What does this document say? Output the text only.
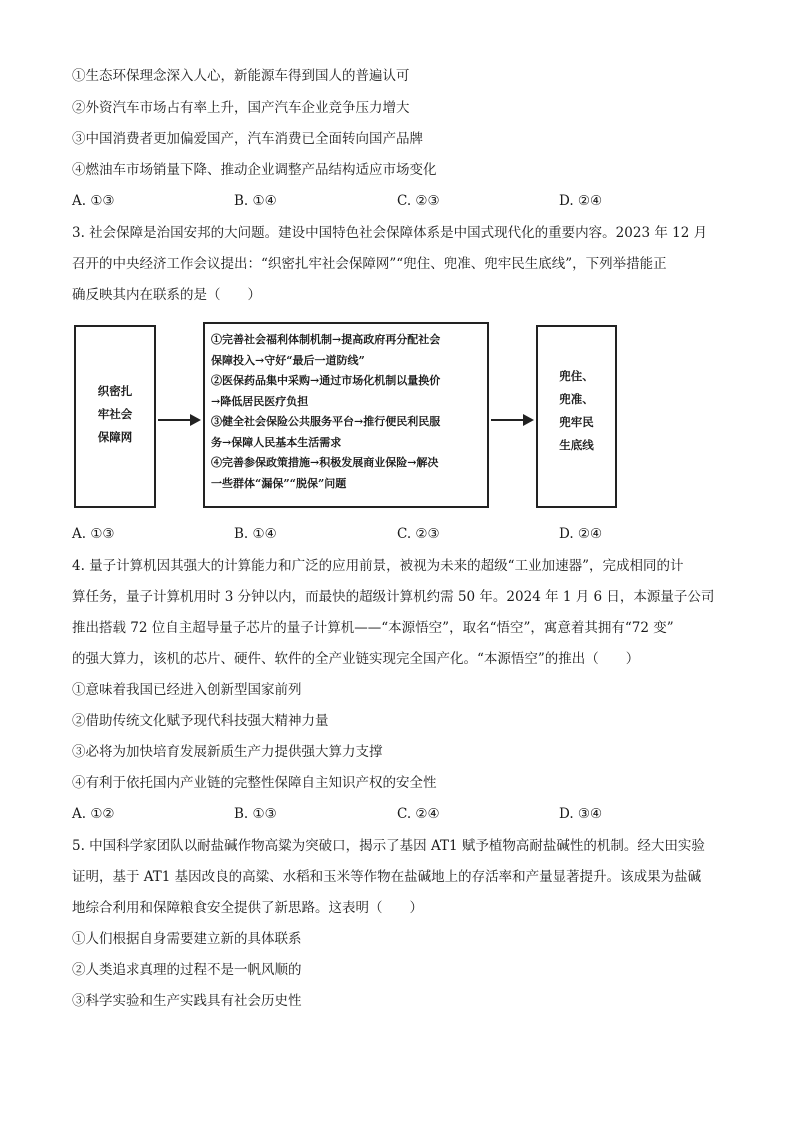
①生态环保理念深入人心，新能源车得到国人的普遍认可
②外资汽车市场占有率上升，国产汽车企业竞争压力增大
③中国消费者更加偏爱国产，汽车消费已全面转向国产品牌
④燃油车市场销量下降、推动企业调整产品结构适应市场变化
A. ①③	B. ①④	C. ②③	D. ②④
3. 社会保障是治国安邦的大问题。建设中国特色社会保障体系是中国式现代化的重要内容。2023 年 12 月
召开的中央经济工作会议提出：“织密扎牢社会保障网”“兜住、兜准、兜牢民生底线”，下列举措能正
确反映其内在联系的是（　　）
织密扎
牢社会
保障网
①完善社会福利体制机制→提高政府再分配社会
保障投入→守好“最后一道防线”
②医保药品集中采购→通过市场化机制以量换价
→降低居民医疗负担
③健全社会保险公共服务平台→推行便民利民服
务→保障人民基本生活需求
④完善参保政策措施→积极发展商业保险→解决
一些群体“漏保”“脱保”问题
兜住、
兜准、
兜牢民
生底线
A. ①③	B. ①④	C. ②③	D. ②④
4. 量子计算机因其强大的计算能力和广泛的应用前景，被视为未来的超级“工业加速器”，完成相同的计
算任务，量子计算机用时 3 分钟以内，而最快的超级计算机约需 50 年。2024 年 1 月 6 日，本源量子公司
推出搭载 72 位自主超导量子芯片的量子计算机——“本源悟空”，取名“悟空”，寓意着其拥有“72 变”
的强大算力，该机的芯片、硬件、软件的全产业链实现完全国产化。“本源悟空”的推出（　　）
①意味着我国已经进入创新型国家前列
②借助传统文化赋予现代科技强大精神力量
③必将为加快培育发展新质生产力提供强大算力支撑
④有利于依托国内产业链的完整性保障自主知识产权的安全性
A. ①②	B. ①③	C. ②④	D. ③④
5. 中国科学家团队以耐盐碱作物高粱为突破口，揭示了基因 AT1 赋予植物高耐盐碱性的机制。经大田实验
证明，基于 AT1 基因改良的高粱、水稻和玉米等作物在盐碱地上的存活率和产量显著提升。该成果为盐碱
地综合利用和保障粮食安全提供了新思路。这表明（　　）
①人们根据自身需要建立新的具体联系
②人类追求真理的过程不是一帆风顺的
③科学实验和生产实践具有社会历史性
